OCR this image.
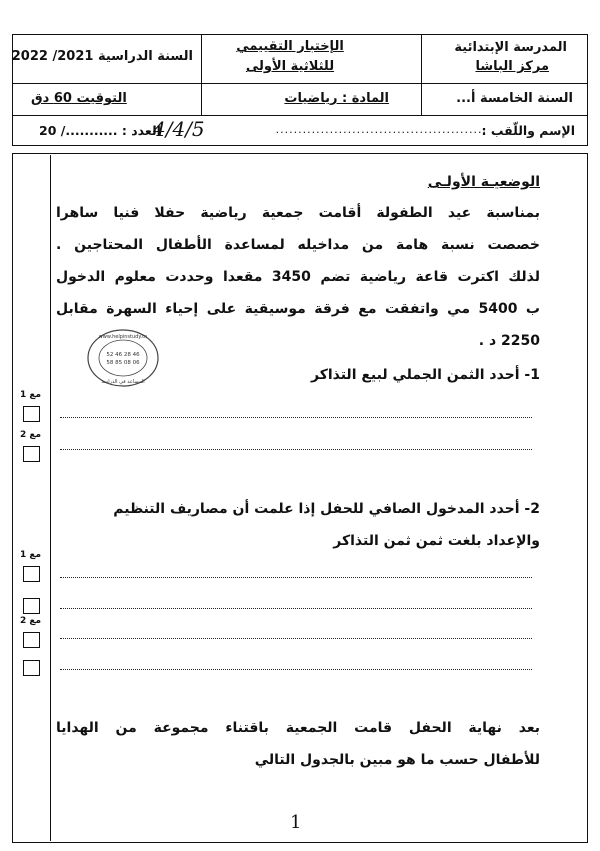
المدرسة الإبتدائية
مركز الباشا
الإختبار التقييمي
للثلاثية الأولى
السنة الدراسية 2021/ 2022
السنة الخامسة أ...
المادة : رياضيات
التوقيت 60 دق
الإسم واللّقب :
...............................................
العدد : .........../ 20
4/4/5
مع 1
مع 2
مع 1
مع 2
الوضعيـة الأولـى
بمناسبة عيد الطفولة أقامت جمعية رياضية حفلا فنيا ساهرا
خصصت نسبة هامة من مداخيله لمساعدة الأطفال المحتاجين .
لذلك اكترت قاعة رياضية تضم 3450 مقعدا وحددت معلوم الدخول
ب 5400 مي واتفقت مع فرقة موسيقية على إحياء السهرة مقابل
2250 د .
www.helpinstudy.tn
52 46 28 46
58 85 08 06
المساعد في الدراسة	1- أحدد الثمن الجملي لبيع التذاكر
2- أحدد المدخول الصافي للحفل إذا علمت أن مصاريف التنظيم
والإعداد بلغت ثمن ثمن التذاكر
بعد نهاية الحفل قامت الجمعية باقتناء مجموعة من الهدايا
للأطفال حسب ما هو مبين بالجدول التالي
1
